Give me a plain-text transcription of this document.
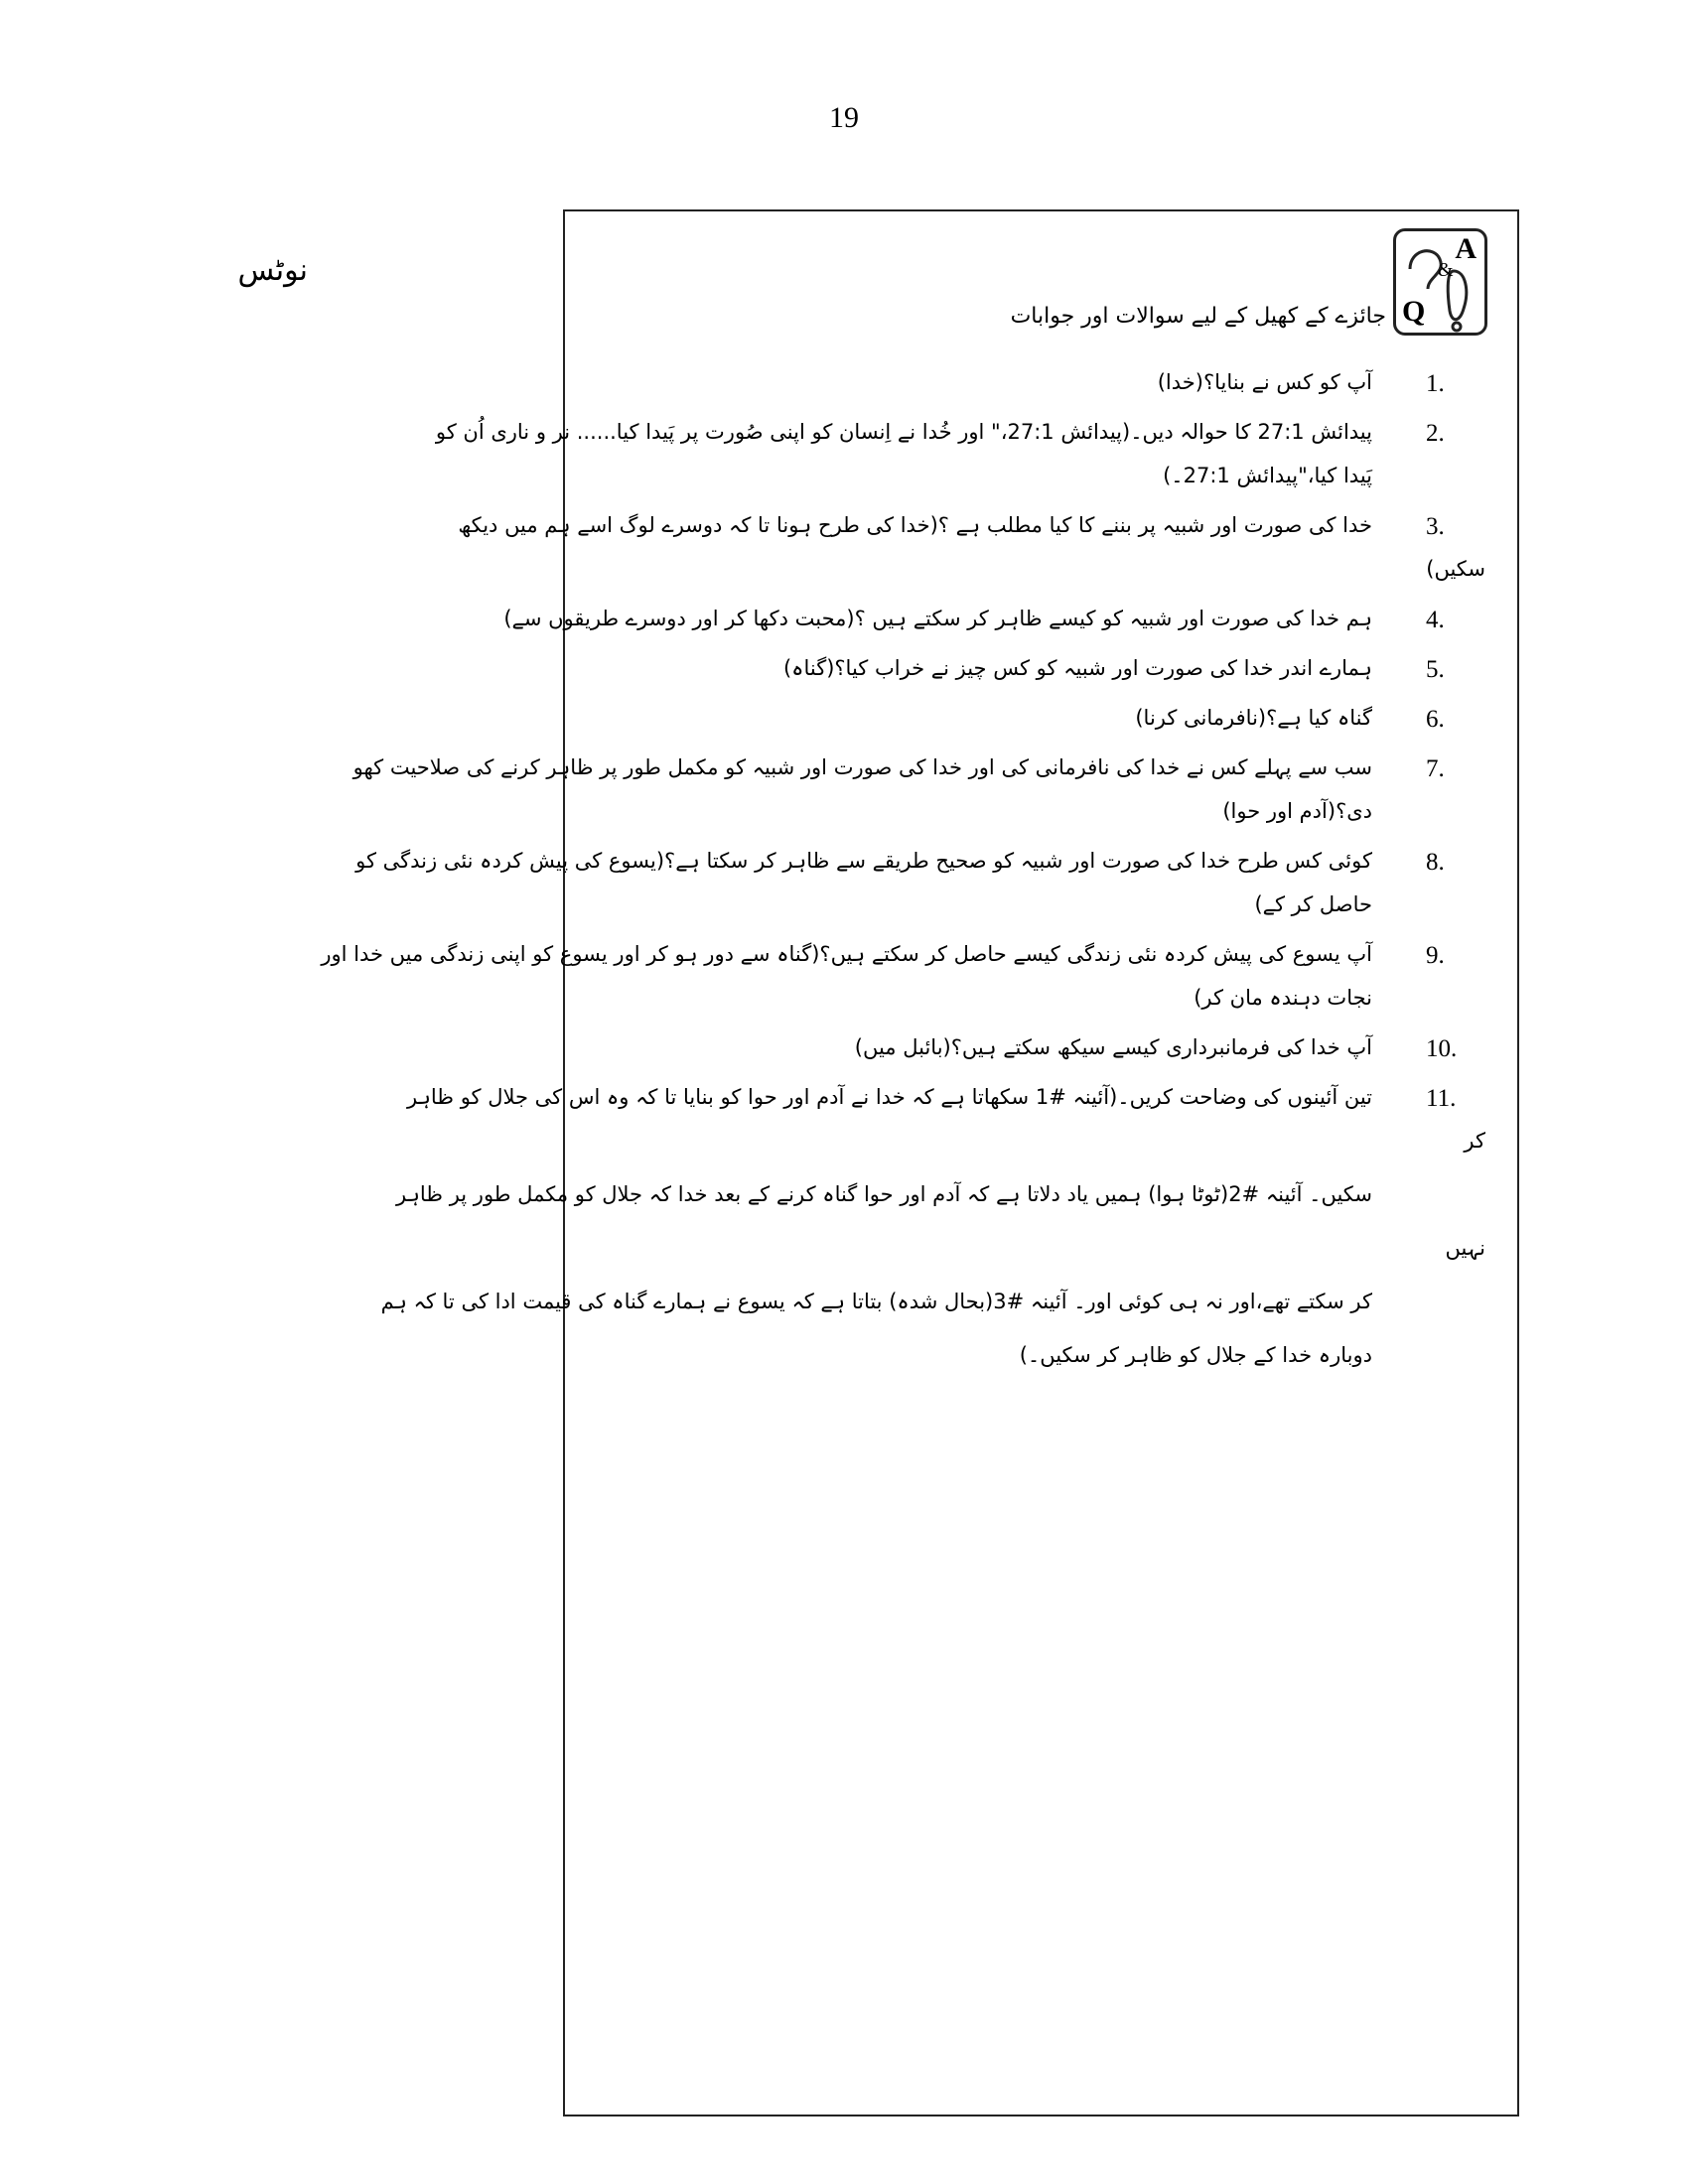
19
نوٹس
Q
&
A
جائزے کے کھیل کے لیے سوالات اور جوابات
1.
آپ کو کس نے بنایا؟(خدا)
2.
پیدائش 27:1 کا حوالہ دیں۔(پیدائش 27:1،" اور خُدا نے اِنسان کو اپنی صُورت پر پَیدا کیا...... نر و ناری اُن کو
پَیدا کیا،"پیدائش 27:1۔)
3.
خدا کی صورت اور شبیہ پر بننے کا کیا مطلب ہے ؟(خدا کی طرح ہونا تا کہ دوسرے لوگ اسے ہم میں دیکھ
سکیں)
4.
ہم خدا کی صورت اور شبیہ کو کیسے ظاہر کر سکتے ہیں ؟(محبت دکھا کر اور دوسرے طریقوں سے)
5.
ہمارے اندر خدا کی صورت اور شبیہ کو کس چیز نے خراب کیا؟(گناہ)
6.
گناہ کیا ہے؟(نافرمانی کرنا)
7.
سب سے پہلے کس نے خدا کی نافرمانی کی اور خدا کی صورت اور شبیہ کو مکمل طور پر ظاہر کرنے کی صلاحیت کھو
دی؟(آدم اور حوا)
8.
کوئی کس طرح خدا کی صورت اور شبیہ کو صحیح طریقے سے ظاہر کر سکتا ہے؟(یسوع کی پیش کردہ نئی زندگی کو
حاصل کر کے)
9.
آپ یسوع کی پیش کردہ نئی زندگی کیسے حاصل کر سکتے ہیں؟(گناہ سے دور ہو کر اور یسوع کو اپنی زندگی میں خدا اور
نجات دہندہ مان کر)
10.
آپ خدا کی فرمانبرداری کیسے سیکھ سکتے ہیں؟(بائبل میں)
11.
تین آئینوں کی وضاحت کریں۔(آئینہ #1 سکھاتا ہے کہ خدا نے آدم اور حوا کو بنایا تا کہ وہ اس کی جلال کو ظاہر
کر
سکیں۔ آئینہ #2(ٹوٹا ہوا) ہمیں یاد دلاتا ہے کہ آدم اور حوا گناہ کرنے کے بعد خدا کہ جلال کو مکمل طور پر ظاہر
نہیں
کر سکتے تھے،اور نہ ہی کوئی اور۔ آئینہ #3(بحال شدہ) بتاتا ہے کہ یسوع نے ہمارے گناہ کی قیمت ادا کی تا کہ ہم
دوبارہ خدا کے جلال کو ظاہر کر سکیں۔)
